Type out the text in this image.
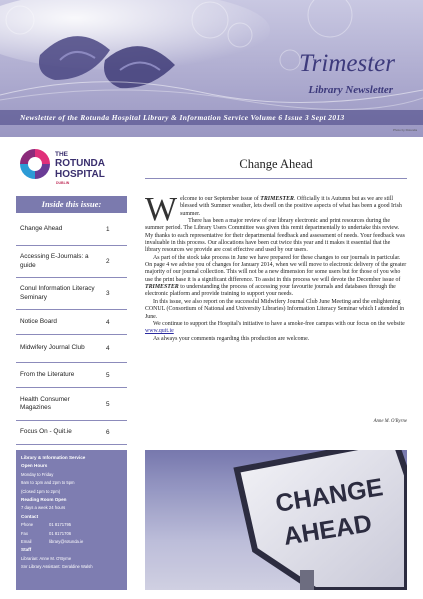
Trimester
Library Newsletter
Newsletter of the Rotunda Hospital Library & Information Service Volume 6 Issue 3 Sept 2013
Photo by Rotunda
THE
ROTUNDA
HOSPITAL
DUBLIN
Inside this issue:
Change Ahead	1
Accessing E-Journals: a guide	2
Conul Information Literacy Seminary	3
Notice Board	4
Midwifery Journal Club	4
From the Literature	5
Health Consumer Magazines	5
Focus On - Quit.ie	6

Library & Information Service

Open Hours

Monday to Friday

9am to 1pm and 2pm to 5pm

(Closed 1pm to 2pm)

Reading Room Open

7 days a week 24 hours

Contact

Phone	01 8171795
Fax	01 8171706
Email	library@rotunda.ie

Staff

Librarian: Anne M. O'Byrne

Snr Library Assistant: Geraldine Walsh

Change Ahead
W elcome to our September issue of TRIMESTER. Officially it is Autumn but as we are still blessed with Summer weather, lets dwell on the positive aspects of what has been a good Irish summer.

There has been a major review of our library electronic and print resources during the summer period. The Library Users Committee was given this remit departmentally to undertake this review. My thanks to each representative for their departmental feedback and assessment of needs. Your feedback was invaluable in this process. Our allocations have been cut twice this year and it makes it essential that the library resources we provide are cost effective and used by our users.

As part of the stock take process in June we have prepared for these changes to our journals in particular. On page 4 we advise you of changes for January 2014, when we will move to electronic delivery of the greater majority of our journal collection. This will not be a new dimension for some users but for those of you who use the print base it is a significant difference. To assist in this process we will devote the December issue of TRIMESTER to understanding the process of accessing your favourite journals and databases through the electronic platform and provide training to support your needs.

In this issue, we also report on the successful Midwifery Journal Club June Meeting and the enlightening CONUL (Consortium of National and University Libraries) Information Literacy Seminar which I attended in June.

We continue to support the Hospital's initiative to have a smoke-free campus with our focus on the website www.quit.ie

As always your comments regarding this production are welcome.

Anne M. O'Byrne
CHANGE
AHEAD
